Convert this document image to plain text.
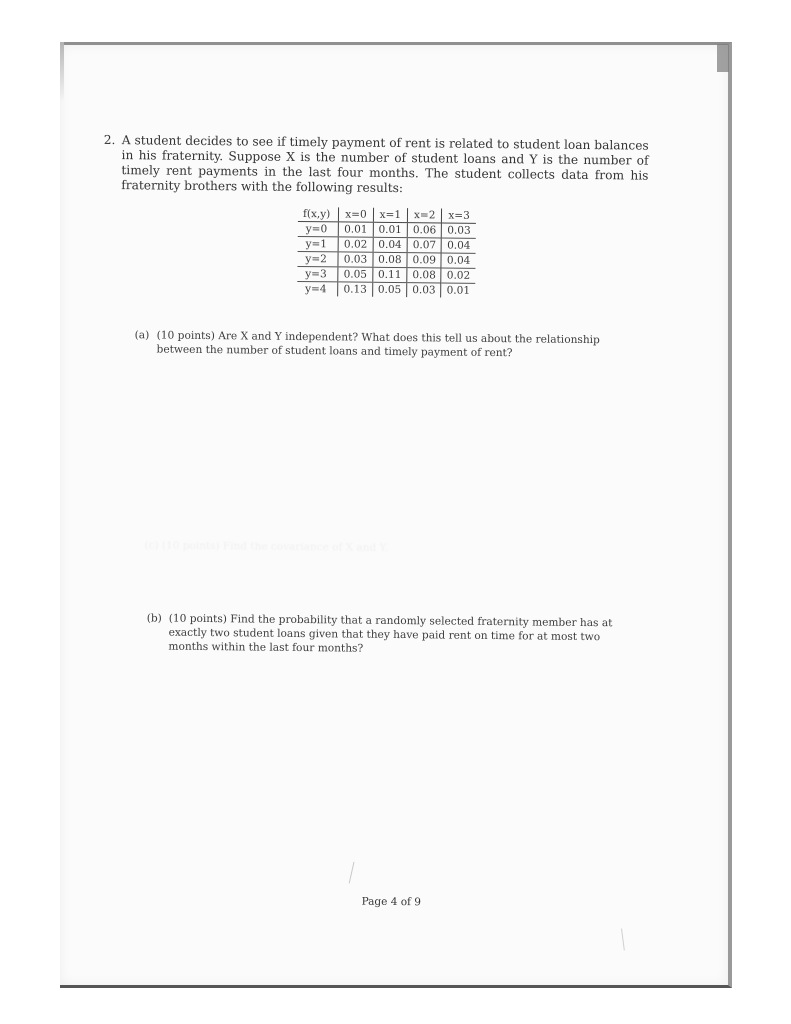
2. A student decides to see if timely payment of rent is related to student loan balances in his fraternity. Suppose X is the number of student loans and Y is the number of timely rent payments in the last four months. The student collects data from his fraternity brothers with the following results:
f(x,y)	x=0	x=1	x=2	x=3
y=0	0.01	0.01	0.06	0.03
y=1	0.02	0.04	0.07	0.04
y=2	0.03	0.08	0.09	0.04
y=3	0.05	0.11	0.08	0.02
y=4	0.13	0.05	0.03	0.01
(a) (10 points) Are X and Y independent? What does this tell us about the relationship between the number of student loans and timely payment of rent?
(c) (10 points) Find the covariance of X and Y.
(b) (10 points) Find the probability that a randomly selected fraternity member has at exactly two student loans given that they have paid rent on time for at most two months within the last four months?
Page 4 of 9
